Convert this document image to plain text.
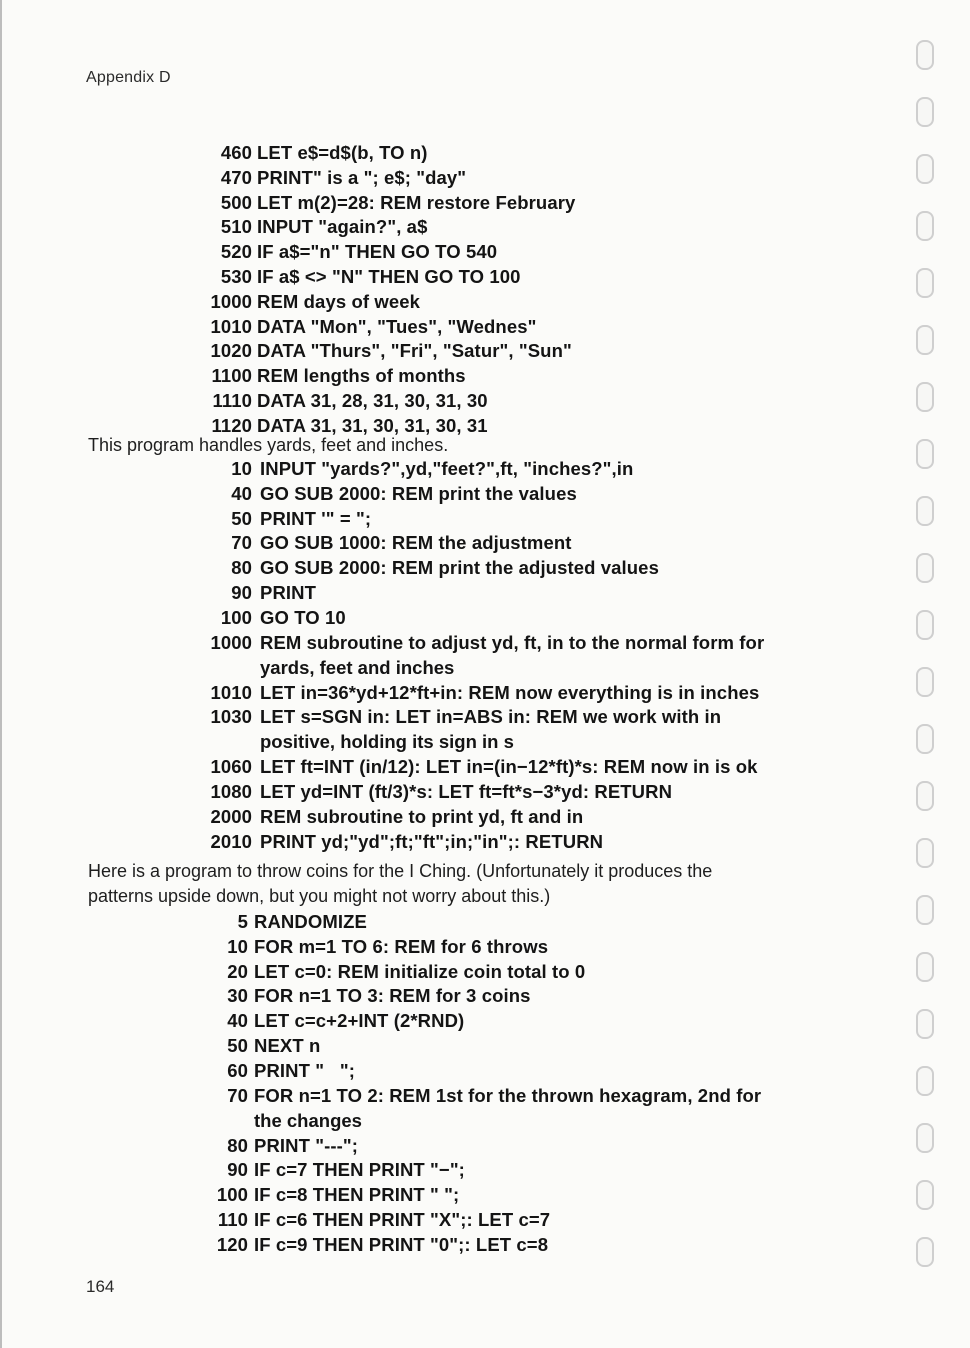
Appendix D
460 LET e$=d$(b, TO n)
470 PRINT" is a "; e$; "day"
500 LET m(2)=28: REM restore February
510 INPUT "again?", a$
520 IF a$="n" THEN GO TO 540
530 IF a$ <> "N" THEN GO TO 100
1000 REM days of week
1010 DATA "Mon", "Tues", "Wednes"
1020 DATA "Thurs", "Fri", "Satur", "Sun"
1100 REM lengths of months
1110 DATA 31, 28, 31, 30, 31, 30
1120 DATA 31, 31, 30, 31, 30, 31
This program handles yards, feet and inches.
10 INPUT "yards?",yd,"feet?",ft, "inches?",in
40 GO SUB 2000: REM print the values
50 PRINT '" = ";
70 GO SUB 1000: REM the adjustment
80 GO SUB 2000: REM print the adjusted values
90 PRINT
100 GO TO 10
1000 REM subroutine to adjust yd, ft, in to the normal form for
yards, feet and inches
1010 LET in=36*yd+12*ft+in: REM now everything is in inches
1030 LET s=SGN in: LET in=ABS in: REM we work with in
positive, holding its sign in s
1060 LET ft=INT (in/12): LET in=(in−12*ft)*s: REM now in is ok
1080 LET yd=INT (ft/3)*s: LET ft=ft*s−3*yd: RETURN
2000 REM subroutine to print yd, ft and in
2010 PRINT yd;"yd";ft;"ft";in;"in";: RETURN
Here is a program to throw coins for the I Ching. (Unfortunately it produces the
patterns upside down, but you might not worry about this.)
5 RANDOMIZE
10 FOR m=1 TO 6: REM for 6 throws
20 LET c=0: REM initialize coin total to 0
30 FOR n=1 TO 3: REM for 3 coins
40 LET c=c+2+INT (2*RND)
50 NEXT n
60 PRINT "   ";
70 FOR n=1 TO 2: REM 1st for the thrown hexagram, 2nd for
the changes
80 PRINT "---";
90 IF c=7 THEN PRINT "−";
100 IF c=8 THEN PRINT " ";
110 IF c=6 THEN PRINT "X";: LET c=7
120 IF c=9 THEN PRINT "0";: LET c=8
164
